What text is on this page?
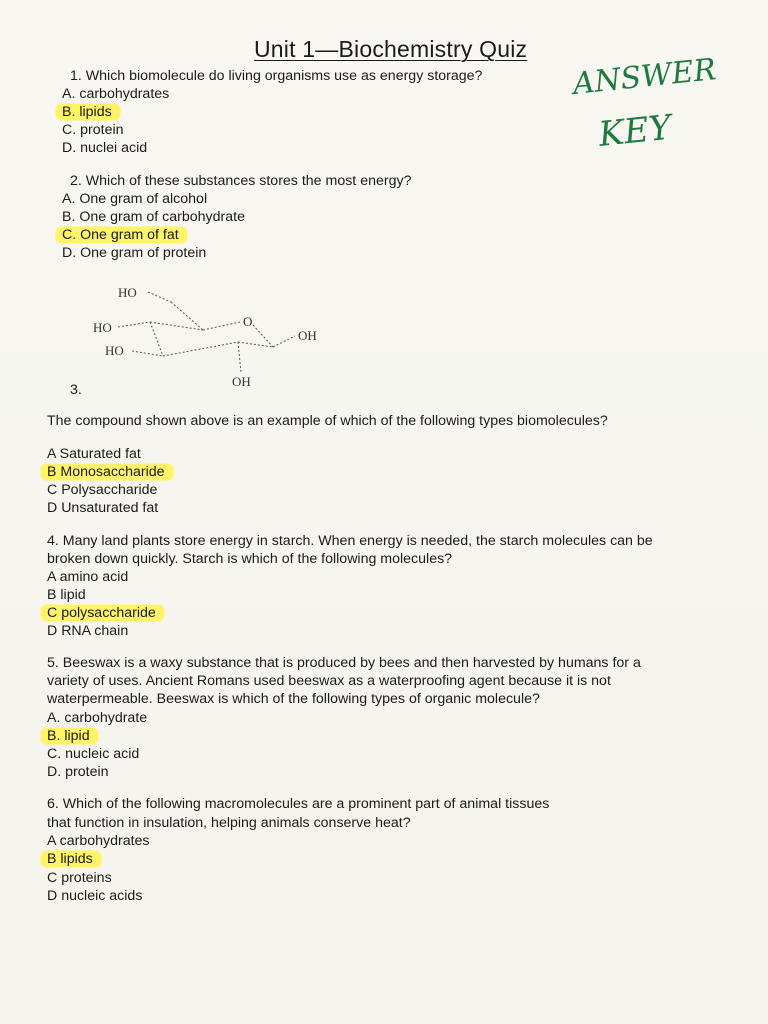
Unit 1—Biochemistry Quiz
ANSWER
KEY
1. Which biomolecule do living organisms use as energy storage?
A. carbohydrates
B. lipids
C. protein
D. nuclei acid
2. Which of these substances stores the most energy?
A. One gram of alcohol
B. One gram of carbohydrate
C. One gram of fat
D. One gram of protein
HO
HO
HO
O
OH
OH
3.
The compound shown above is an example of which of the following types biomolecules?
A Saturated fat
B Monosaccharide
C Polysaccharide
D Unsaturated fat
4. Many land plants store energy in starch. When energy is needed, the starch molecules can be
broken down quickly. Starch is which of the following molecules?
A amino acid
B lipid
C polysaccharide
D RNA chain
5. Beeswax is a waxy substance that is produced by bees and then harvested by humans for a
variety of uses. Ancient Romans used beeswax as a waterproofing agent because it is not
waterpermeable. Beeswax is which of the following types of organic molecule?
A. carbohydrate
B. lipid
C. nucleic acid
D. protein
6. Which of the following macromolecules are a prominent part of animal tissues
that function in insulation, helping animals conserve heat?
A carbohydrates
B lipids
C proteins
D nucleic acids
